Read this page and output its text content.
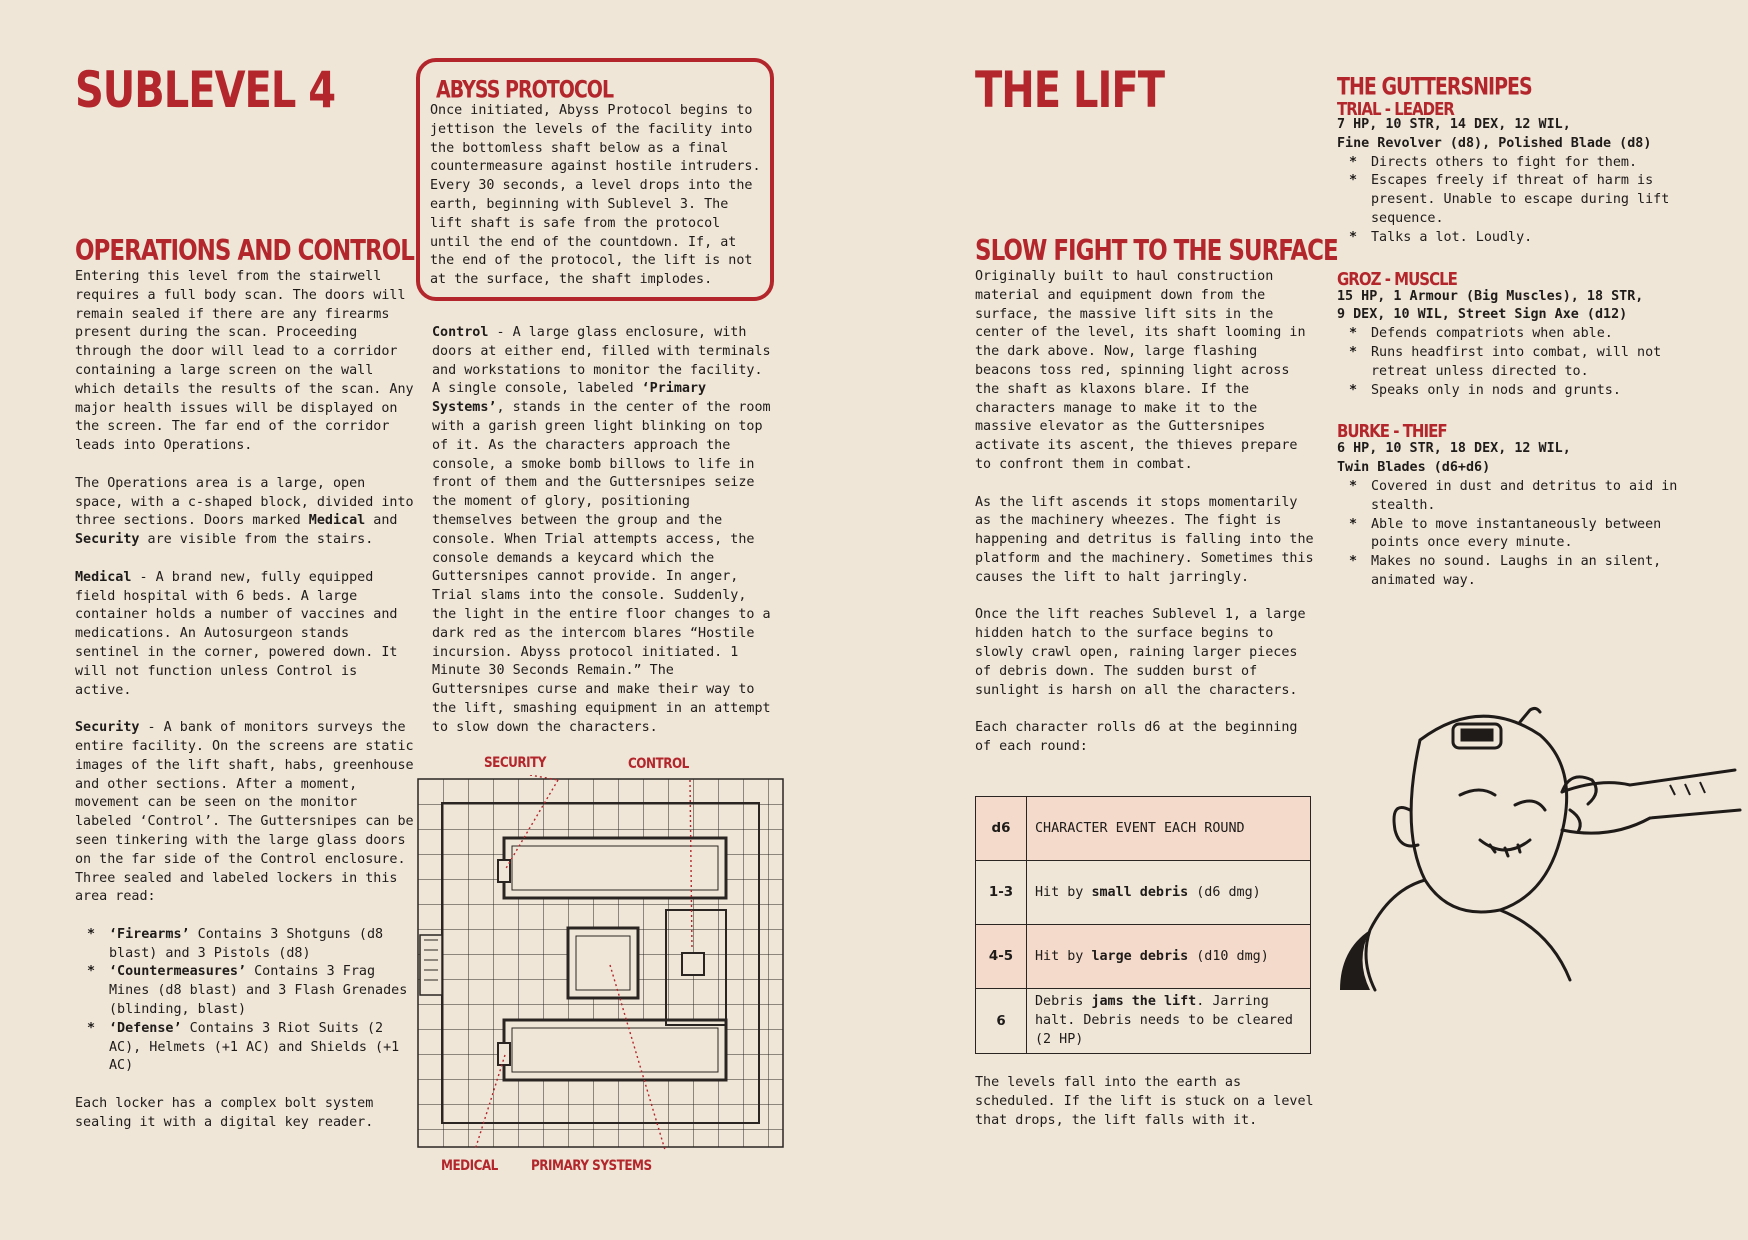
SUBLEVEL 4
OPERATIONS AND CONTROL

Entering this level from the stairwell requires a full body scan. The doors will remain sealed if there are any firearms present during the scan. Proceeding through the door will lead to a corridor containing a large screen on the wall which details the results of the scan. Any major health issues will be displayed on the screen. The far end of the corridor leads into Operations.

The Operations area is a large, open space, with a c-shaped block, divided into three sections. Doors marked Medical and Security are visible from the stairs.

Medical - A brand new, fully equipped field hospital with 6 beds. A large container holds a number of vaccines and medications. An Autosurgeon stands sentinel in the corner, powered down. It will not function unless Control is active.

Security - A bank of monitors surveys the entire facility. On the screens are static images of the lift shaft, habs, greenhouse and other sections. After a moment, movement can be seen on the monitor labeled ‘Control’. The Guttersnipes can be seen tinkering with the large glass doors on the far side of the Control enclosure. Three sealed and labeled lockers in this area read:

* ‘Firearms’ Contains 3 Shotguns (d8 blast) and 3 Pistols (d8)
* ‘Countermeasures’ Contains 3 Frag Mines (d8 blast) and 3 Flash Grenades (blinding, blast)
* ‘Defense’ Contains 3 Riot Suits (2 AC), Helmets (+1 AC) and Shields (+1 AC)

Each locker has a complex bolt system sealing it with a digital key reader.

ABYSS PROTOCOL
Once initiated, Abyss Protocol begins to jettison the levels of the facility into the bottomless shaft below as a final countermeasure against hostile intruders. Every 30 seconds, a level drops into the earth, beginning with Sublevel 3. The lift shaft is safe from the protocol until the end of the countdown. If, at the end of the protocol, the lift is not at the surface, the shaft implodes.
Control - A large glass enclosure, with doors at either end, filled with terminals and workstations to monitor the facility. A single console, labeled ‘Primary Systems’, stands in the center of the room with a garish green light blinking on top of it. As the characters approach the console, a smoke bomb billows to life in front of them and the Guttersnipes seize the moment of glory, positioning themselves between the group and the console. When Trial attempts access, the console demands a keycard which the Guttersnipes cannot provide. In anger, Trial slams into the console. Suddenly, the light in the entire floor changes to a dark red as the intercom blares “Hostile incursion. Abyss protocol initiated. 1 Minute 30 Seconds Remain.” The Guttersnipes curse and make their way to the lift, smashing equipment in an attempt to slow down the characters.
SECURITY	CONTROL
MEDICAL	PRIMARY SYSTEMS
THE LIFT
SLOW FIGHT TO THE SURFACE

Originally built to haul construction material and equipment down from the surface, the massive lift sits in the center of the level, its shaft looming in the dark above. Now, large flashing beacons toss red, spinning light across the shaft as klaxons blare. If the characters manage to make it to the massive elevator as the Guttersnipes activate its ascent, the thieves prepare to confront them in combat.

As the lift ascends it stops momentarily as the machinery wheezes. The fight is happening and detritus is falling into the platform and the machinery. Sometimes this causes the lift to halt jarringly.

Once the lift reaches Sublevel 1, a large hidden hatch to the surface begins to slowly crawl open, raining larger pieces of debris down. The sudden burst of sunlight is harsh on all the characters.

Each character rolls d6 at the beginning of each round:

d6	CHARACTER EVENT EACH ROUND
1-3	Hit by small debris (d6 dmg)
4-5	Hit by large debris (d10 dmg)
6	Debris jams the lift. Jarring halt. Debris needs to be cleared (2 HP)
The levels fall into the earth as scheduled. If the lift is stuck on a level that drops, the lift falls with it.
THE GUTTERSNIPES
TRIAL - LEADER
7 HP, 10 STR, 14 DEX, 12 WIL,
Fine Revolver (d8), Polished Blade (d8)
* Directs others to fight for them.
* Escapes freely if threat of harm is present. Unable to escape during lift sequence.
* Talks a lot. Loudly.
GROZ - MUSCLE
15 HP, 1 Armour (Big Muscles), 18 STR,
9 DEX, 10 WIL, Street Sign Axe (d12)
* Defends compatriots when able.
* Runs headfirst into combat, will not retreat unless directed to.
* Speaks only in nods and grunts.
BURKE - THIEF
6 HP, 10 STR, 18 DEX, 12 WIL,
Twin Blades (d6+d6)
* Covered in dust and detritus to aid in stealth.
* Able to move instantaneously between points once every minute.
* Makes no sound. Laughs in an silent, animated way.
